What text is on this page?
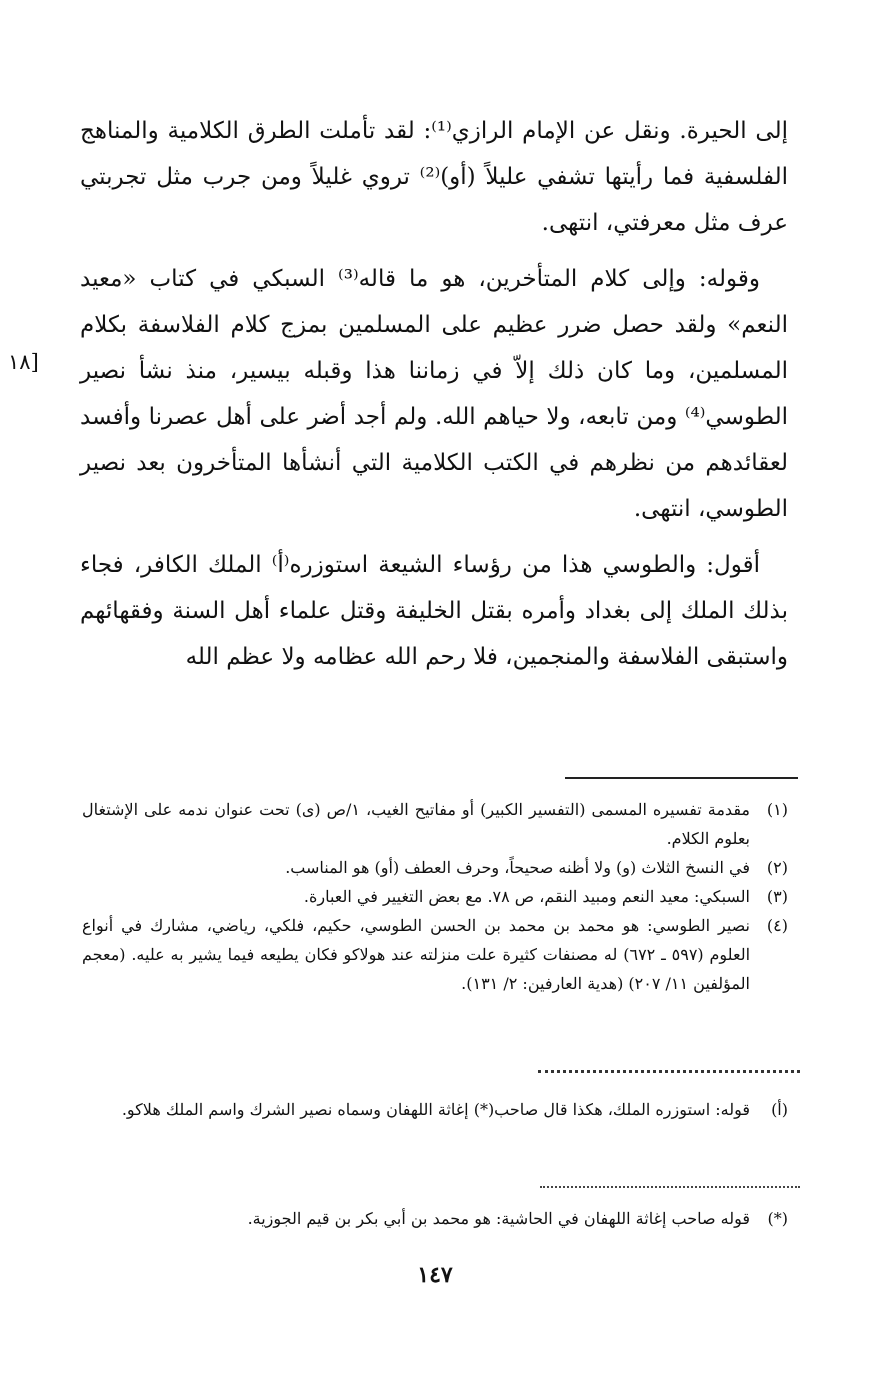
إلى الحيرة. ونقل عن الإمام الرازي⁽¹⁾: لقد تأملت الطرق الكلامية والمناهج الفلسفية فما رأيتها تشفي عليلاً (أو)⁽²⁾ تروي غليلاً ومن جرب مثل تجربتي عرف مثل معرفتي، انتهى.

وقوله: وإلى كلام المتأخرين، هو ما قاله⁽³⁾ السبكي في كتاب «معيد النعم» ولقد حصل ضرر عظيم على المسلمين بمزج كلام الفلاسفة بكلام المسلمين، وما كان ذلك إلاّ في زماننا هذا وقبله بيسير، منذ نشأ نصير الطوسي⁽⁴⁾ ومن تابعه، ولا حياهم الله. ولم أجد أضر على أهل عصرنا وأفسد لعقائدهم من نظرهم في الكتب الكلامية التي أنشأها المتأخرون بعد نصير الطوسي، انتهى.

أقول: والطوسي هذا من رؤساء الشيعة استوزره⁽أ⁾ الملك الكافر، فجاء بذلك الملك إلى بغداد وأمره بقتل الخليفة وقتل علماء أهل السنة وفقهائهم واستبقى الفلاسفة والمنجمين، فلا رحم الله عظامه ولا عظم الله

١٨]
(١)
مقدمة تفسيره المسمى (التفسير الكبير) أو مفاتيح الغيب، ١/ص (ى) تحت عنوان ندمه على الإشتغال بعلوم الكلام.
(٢)
في النسخ الثلاث (و) ولا أظنه صحيحاً، وحرف العطف (أو) هو المناسب.
(٣)
السبكي: معيد النعم ومبيد النقم، ص ٧٨. مع بعض التغيير في العبارة.
(٤)
نصير الطوسي: هو محمد بن محمد بن الحسن الطوسي، حكيم، فلكي، رياضي، مشارك في أنواع العلوم (٥٩٧ ـ ٦٧٢) له مصنفات كثيرة علت منزلته عند هولاكو فكان يطيعه فيما يشير به عليه. (معجم المؤلفين ١١/ ٢٠٧) (هدية العارفين: ٢/ ١٣١).
(أ)
قوله: استوزره الملك، هكذا قال صاحب(*) إغاثة اللهفان وسماه نصير الشرك واسم الملك هلاكو.
(*)
قوله صاحب إغاثة اللهفان في الحاشية: هو محمد بن أبي بكر بن قيم الجوزية.
١٤٧
